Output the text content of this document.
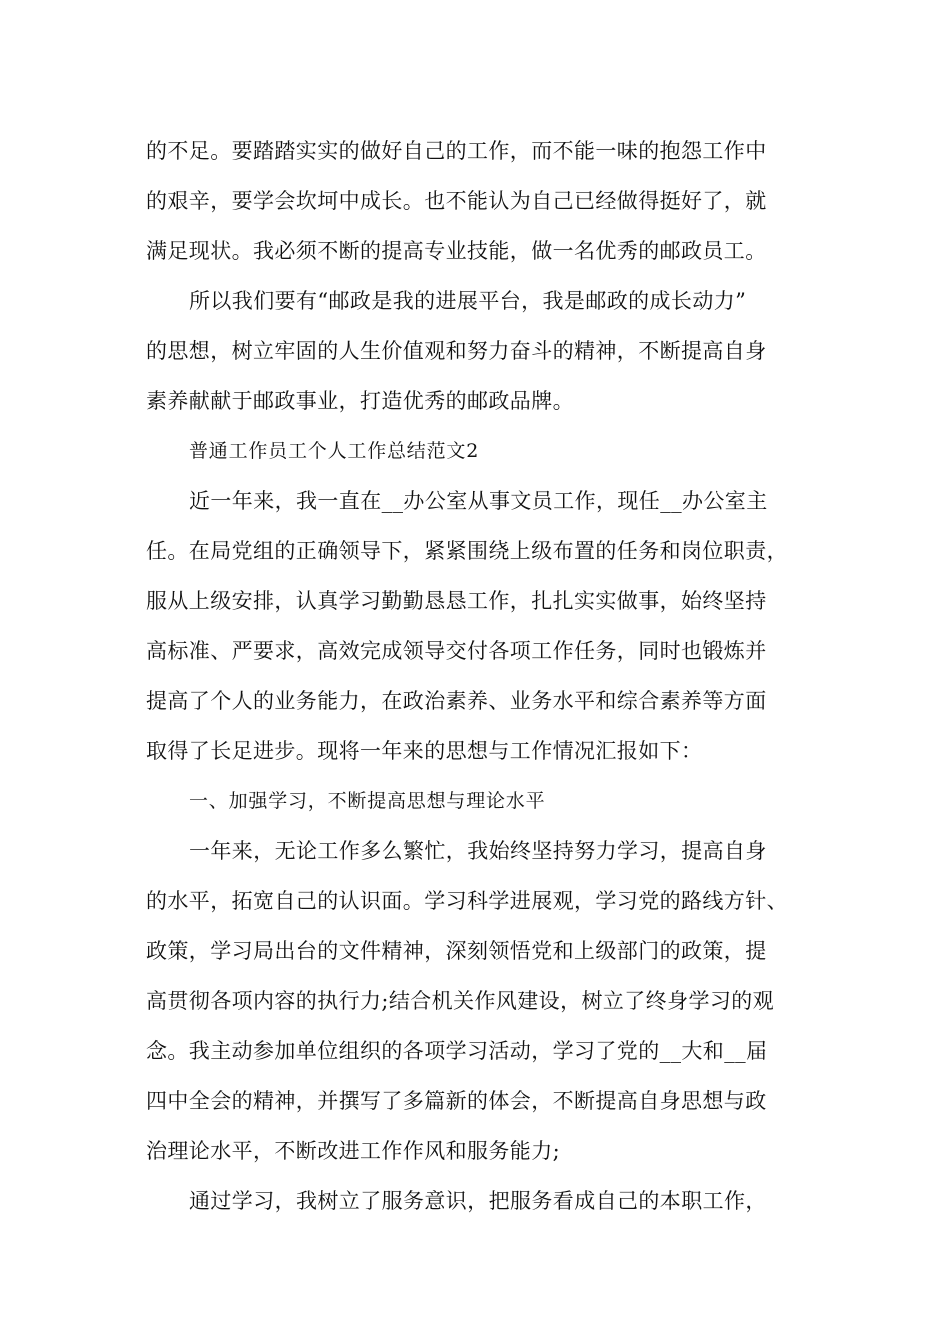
的不足。要踏踏实实的做好自己的工作，而不能一味的抱怨工作中
的艰辛，要学会坎坷中成长。也不能认为自己已经做得挺好了，就
满足现状。我必须不断的提高专业技能，做一名优秀的邮政员工。
所以我们要有“邮政是我的进展平台，我是邮政的成长动力”
的思想，树立牢固的人生价值观和努力奋斗的精神，不断提高自身
素养献献于邮政事业，打造优秀的邮政品牌。
普通工作员工个人工作总结范文2
近一年来，我一直在__办公室从事文员工作，现任__办公室主
任。在局党组的正确领导下，紧紧围绕上级布置的任务和岗位职责，
服从上级安排，认真学习勤勤恳恳工作，扎扎实实做事，始终坚持
高标准、严要求，高效完成领导交付各项工作任务，同时也锻炼并
提高了个人的业务能力，在政治素养、业务水平和综合素养等方面
取得了长足进步。现将一年来的思想与工作情况汇报如下：
一、加强学习，不断提高思想与理论水平
一年来，无论工作多么繁忙，我始终坚持努力学习，提高自身
的水平，拓宽自己的认识面。学习科学进展观，学习党的路线方针、
政策，学习局出台的文件精神，深刻领悟党和上级部门的政策，提
高贯彻各项内容的执行力;结合机关作风建设，树立了终身学习的观
念。我主动参加单位组织的各项学习活动，学习了党的__大和__届
四中全会的精神，并撰写了多篇新的体会，不断提高自身思想与政
治理论水平，不断改进工作作风和服务能力;
通过学习，我树立了服务意识，把服务看成自己的本职工作，
